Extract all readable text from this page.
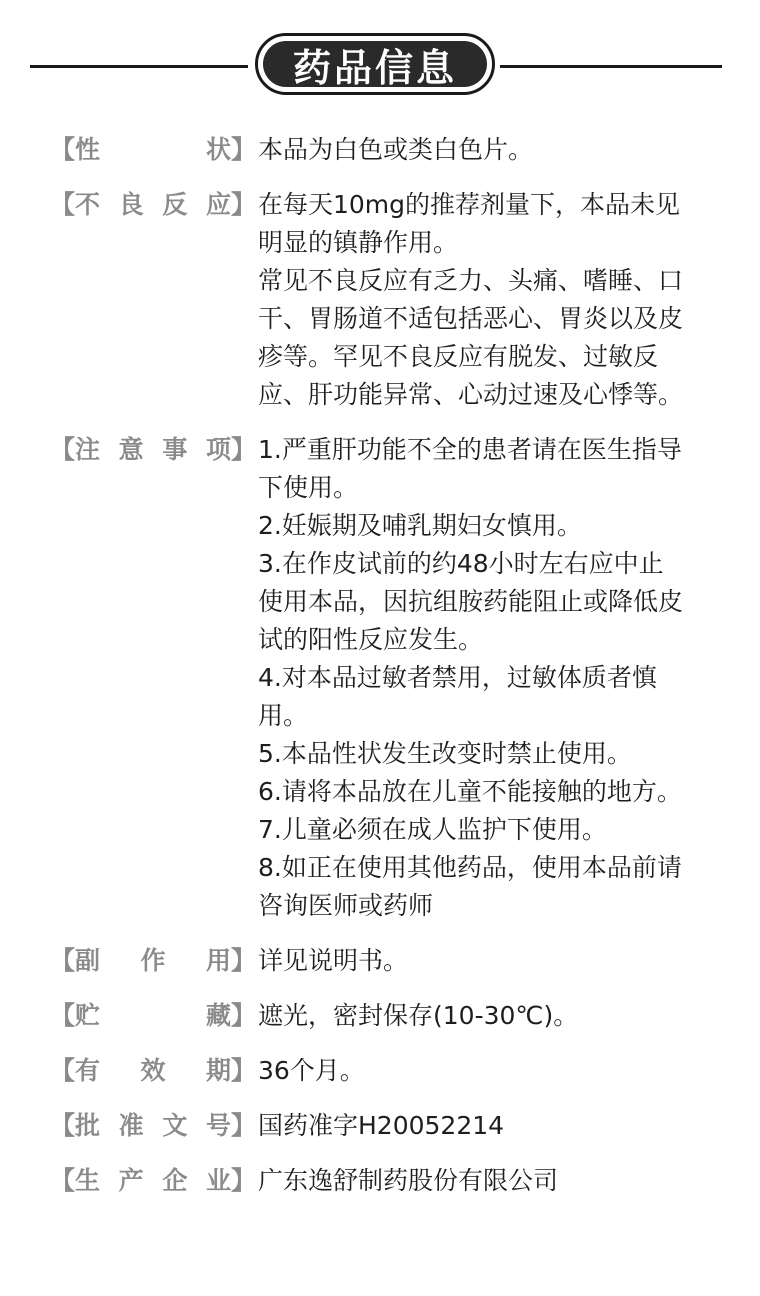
药品信息
【 性	状 】 本品为白色或类白色片。

【 不 良 反 应 】 在每天10mg的推荐剂量下，本品未见明显的镇静作用。

常见不良反应有乏力、头痛、嗜睡、口干、胃肠道不适包括恶心、胃炎以及皮疹等。罕见不良反应有脱发、过敏反应、肝功能异常、心动过速及心悸等。

【 注 意 事 项 】 1.严重肝功能不全的患者请在医生指导下使用。

2.妊娠期及哺乳期妇女慎用。

3.在作皮试前的约48小时左右应中止使用本品，因抗组胺药能阻止或降低皮试的阳性反应发生。

4.对本品过敏者禁用，过敏体质者慎用。

5.本品性状发生改变时禁止使用。

6.请将本品放在儿童不能接触的地方。

7.儿童必须在成人监护下使用。

8.如正在使用其他药品，使用本品前请咨询医师或药师

【 副 作 用 】 详见说明书。

【 贮	藏 】 遮光，密封保存(10-30℃)。

【 有 效 期 】 36个月。

【 批 准 文 号 】 国药准字H20052214

【 生 产 企 业 】 广东逸舒制药股份有限公司
